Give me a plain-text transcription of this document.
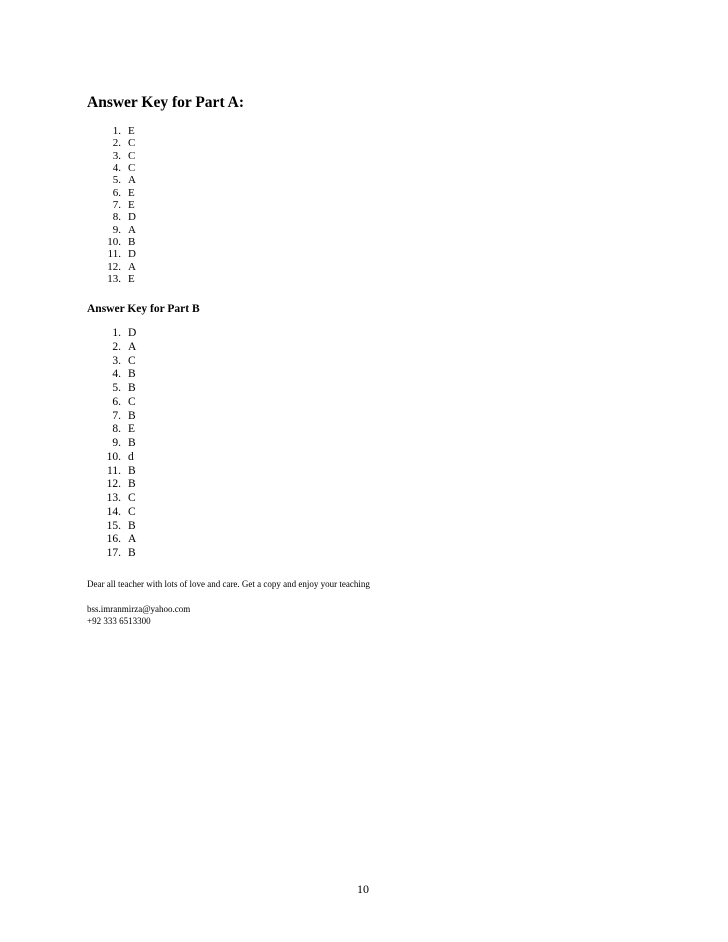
Answer Key for Part A:
1. E
2. C
3. C
4. C
5. A
6. E
7. E
8. D
9. A
10. B
11. D
12. A
13. E
Answer Key for Part B
1. D
2. A
3. C
4. B
5. B
6. C
7. B
8. E
9. B
10. d
11. B
12. B
13. C
14. C
15. B
16. A
17. B
Dear all teacher with lots of love and care. Get a copy and enjoy your teaching
bss.imranmirza@yahoo.com
+92 333 6513300
10
